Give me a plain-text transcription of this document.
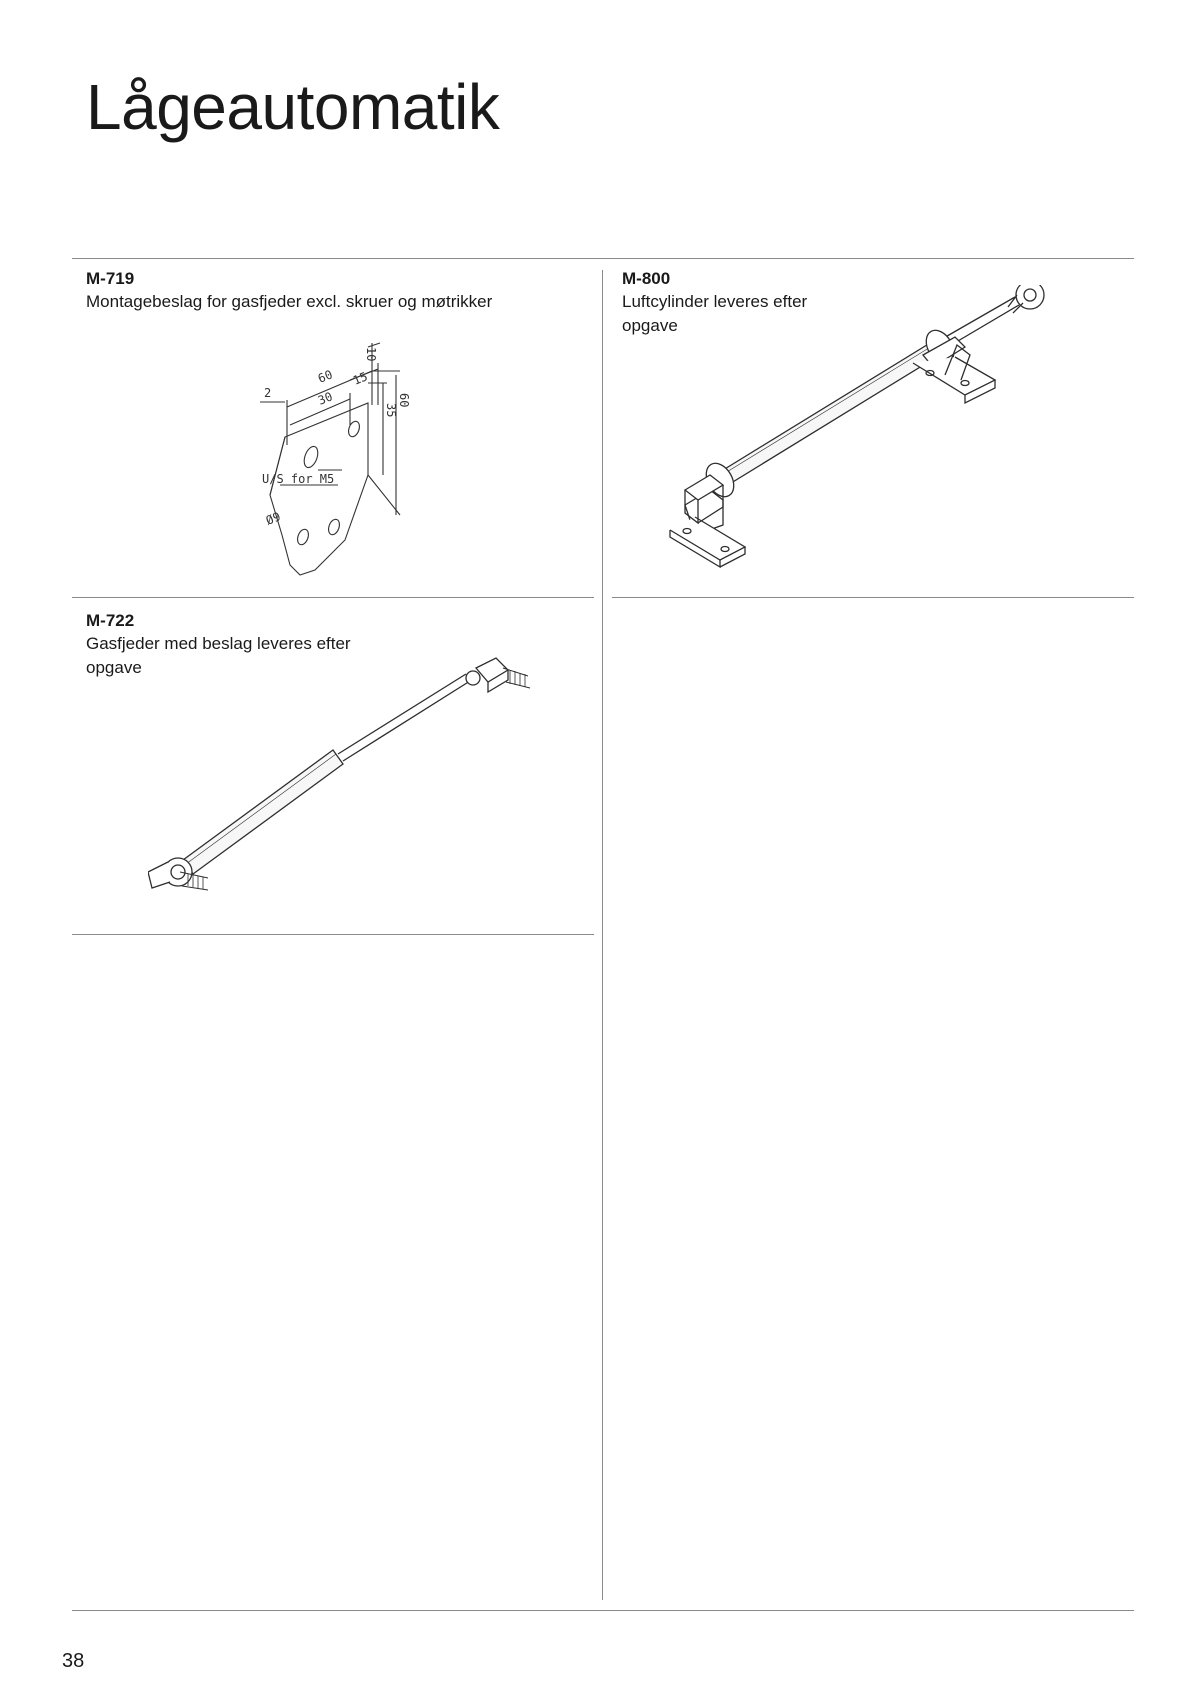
Lågeautomatik
M-719

Montagebeslag for gasfjeder excl. skruer og møtrikker

60
10
2	30
15
60
35
U/S for M5
Ø9
M-800

Luftcylinder leveres efter opgave

M-722

Gasfjeder med beslag leveres efter opgave

38
